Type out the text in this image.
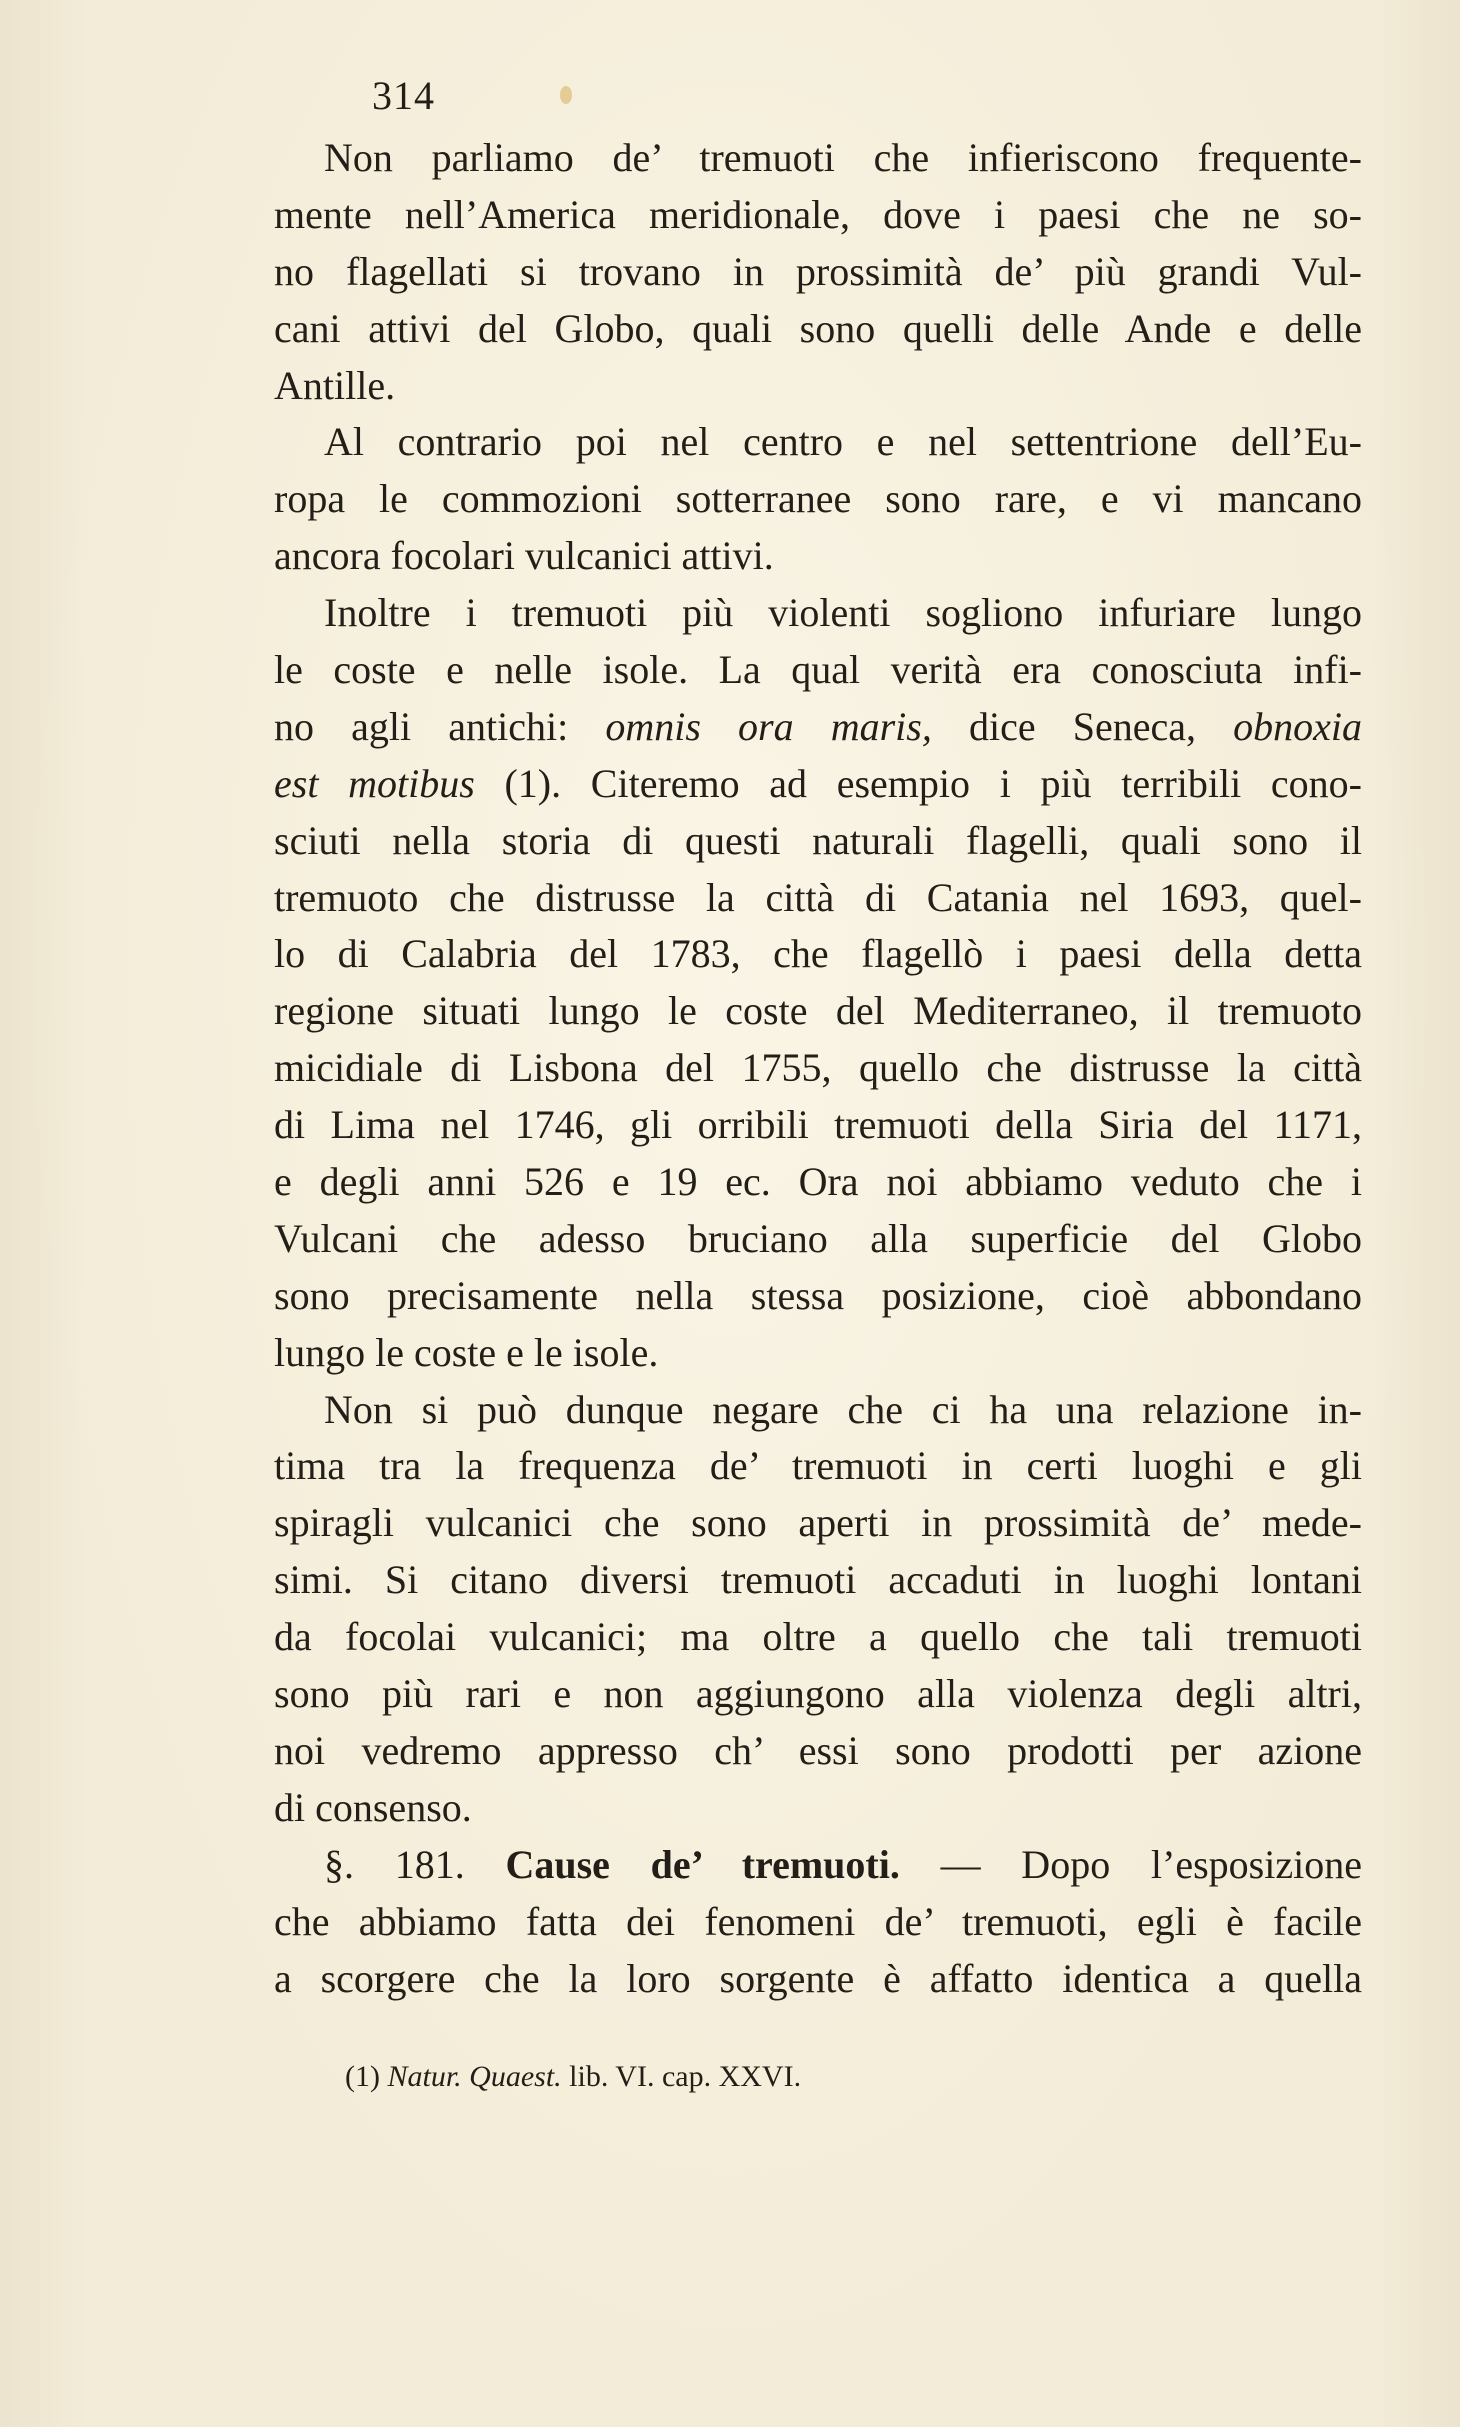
314
Non parliamo de’ tremuoti che infieriscono frequente-
mente nell’America meridionale, dove i paesi che ne so-
no flagellati si trovano in prossimità de’ più grandi Vul-
cani attivi del Globo, quali sono quelli delle Ande e delle
Antille.
Al contrario poi nel centro e nel settentrione dell’Eu-
ropa le commozioni sotterranee sono rare, e vi mancano
ancora focolari vulcanici attivi.
Inoltre i tremuoti più violenti sogliono infuriare lungo
le coste e nelle isole. La qual verità era conosciuta infi-
no agli antichi: omnis ora maris, dice Seneca, obnoxia
est motibus (1). Citeremo ad esempio i più terribili cono-
sciuti nella storia di questi naturali flagelli, quali sono il
tremuoto che distrusse la città di Catania nel 1693, quel-
lo di Calabria del 1783, che flagellò i paesi della detta
regione situati lungo le coste del Mediterraneo, il tremuoto
micidiale di Lisbona del 1755, quello che distrusse la città
di Lima nel 1746, gli orribili tremuoti della Siria del 1171,
e degli anni 526 e 19 ec. Ora noi abbiamo veduto che i
Vulcani che adesso bruciano alla superficie del Globo
sono precisamente nella stessa posizione, cioè abbondano
lungo le coste e le isole.
Non si può dunque negare che ci ha una relazione in-
tima tra la frequenza de’ tremuoti in certi luoghi e gli
spiragli vulcanici che sono aperti in prossimità de’ mede-
simi. Si citano diversi tremuoti accaduti in luoghi lontani
da focolai vulcanici; ma oltre a quello che tali tremuoti
sono più rari e non aggiungono alla violenza degli altri,
noi vedremo appresso ch’ essi sono prodotti per azione
di consenso.
§. 181. Cause de’ tremuoti. — Dopo l’esposizione
che abbiamo fatta dei fenomeni de’ tremuoti, egli è facile
a scorgere che la loro sorgente è affatto identica a quella
(1) Natur. Quaest. lib. VI. cap. XXVI.
